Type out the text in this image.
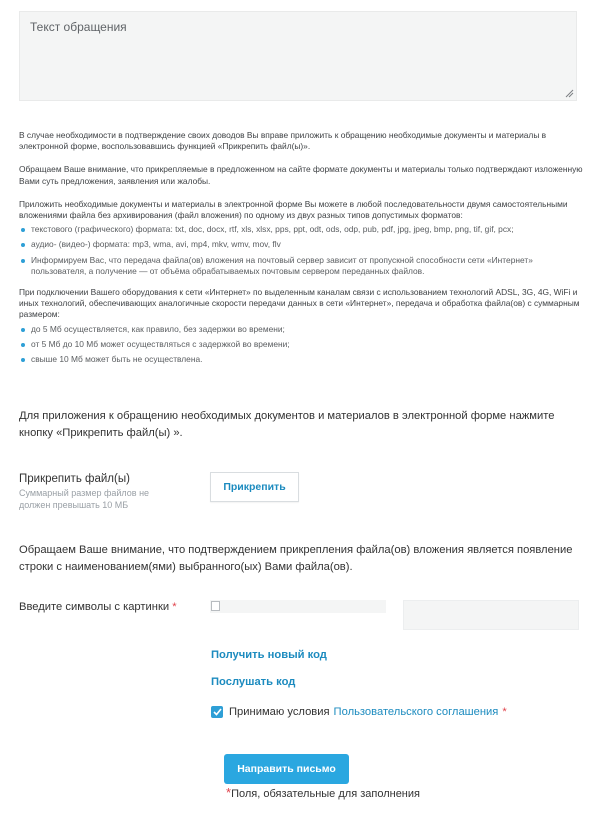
Текст обращения

В случае необходимости в подтверждение своих доводов Вы вправе приложить к обращению необходимые документы и материалы в электронной форме, воспользовавшись функцией «Прикрепить файл(ы)».

Обращаем Ваше внимание, что прикрепляемые в предложенном на сайте формате документы и материалы только подтверждают изложенную Вами суть предложения, заявления или жалобы.

Приложить необходимые документы и материалы в электронной форме Вы можете в любой последовательности двумя самостоятельными вложениями файла без архивирования (файл вложения) по одному из двух разных типов допустимых форматов:

текстового (графического) формата: txt, doc, docx, rtf, xls, xlsx, pps, ppt, odt, ods, odp, pub, pdf, jpg, jpeg, bmp, png, tif, gif, pcx;
аудио- (видео-) формата: mp3, wma, avi, mp4, mkv, wmv, mov, flv
Информируем Вас, что передача файла(ов) вложения на почтовый сервер зависит от пропускной способности сети «Интернет» пользователя, а получение — от объёма обрабатываемых почтовым сервером переданных файлов.

При подключении Вашего оборудования к сети «Интернет» по выделенным каналам связи с использованием технологий ADSL, 3G, 4G, WiFi и иных технологий, обеспечивающих аналогичные скорости передачи данных в сети «Интернет», передача и обработка файла(ов) с суммарным размером:

до 5 Мб осуществляется, как правило, без задержки во времени;
от 5 Мб до 10 Мб может осуществляться с задержкой во времени;
свыше 10 Мб может быть не осуществлена.
Для приложения к обращению необходимых документов и материалов в электронной форме нажмите кнопку «Прикрепить файл(ы) ».
Прикрепить файл(ы)
Суммарный размер файлов не должен превышать 10 МБ
Прикрепить
Обращаем Ваше внимание, что подтверждением прикрепления файла(ов) вложения является появление строки с наименованием(ями) выбранного(ых) Вами файла(ов).
Введите символы с картинки *
Получить новый код
Послушать код
Принимаю условия Пользовательского соглашения *
Направить письмо
*Поля, обязательные для заполнения
